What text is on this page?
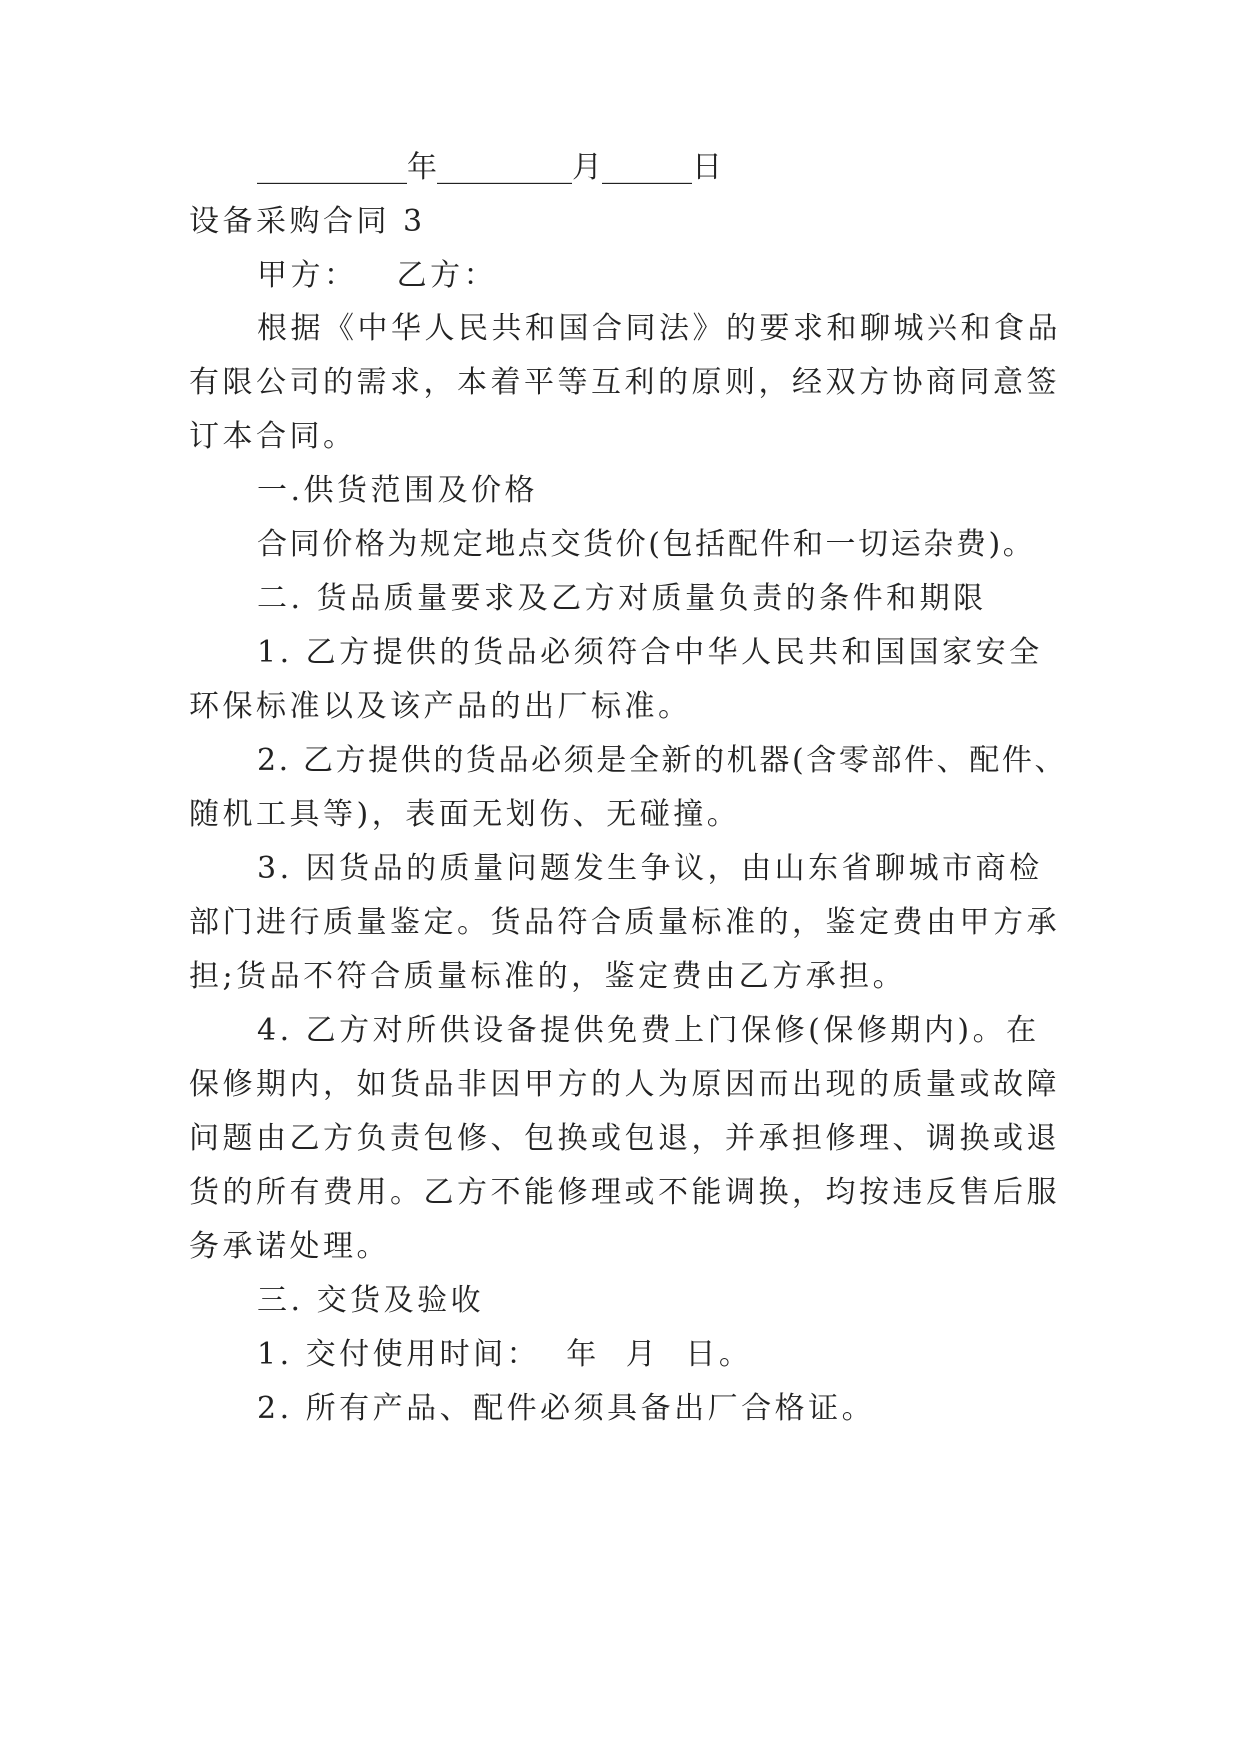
__________年_________月______日
设备采购合同 3
甲方：   乙方：
根据《中华人民共和国合同法》的要求和聊城兴和食品
有限公司的需求，本着平等互利的原则，经双方协商同意签
订本合同。
一.供货范围及价格
合同价格为规定地点交货价(包括配件和一切运杂费)。
二. 货品质量要求及乙方对质量负责的条件和期限
1. 乙方提供的货品必须符合中华人民共和国国家安全
环保标准以及该产品的出厂标准。
2. 乙方提供的货品必须是全新的机器(含零部件、配件、
随机工具等)，表面无划伤、无碰撞。
3. 因货品的质量问题发生争议，由山东省聊城市商检
部门进行质量鉴定。货品符合质量标准的，鉴定费由甲方承
担;货品不符合质量标准的，鉴定费由乙方承担。
4. 乙方对所供设备提供免费上门保修(保修期内)。在
保修期内，如货品非因甲方的人为原因而出现的质量或故障
问题由乙方负责包修、包换或包退，并承担修理、调换或退
货的所有费用。乙方不能修理或不能调换，均按违反售后服
务承诺处理。
三. 交货及验收
1. 交付使用时间：  年  月  日。
2. 所有产品、配件必须具备出厂合格证。
